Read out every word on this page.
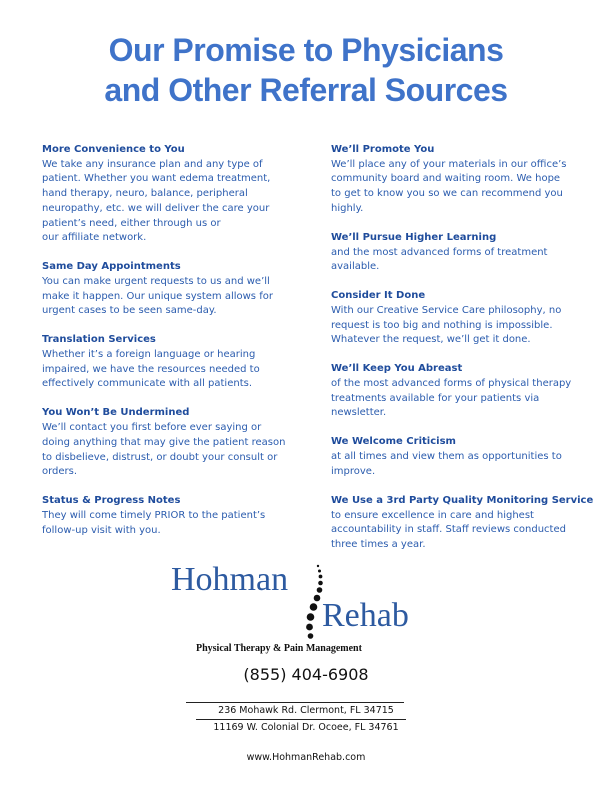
Our Promise to Physicians
and Other Referral Sources
More Convenience to You
We take any insurance plan and any type of
patient. Whether you want edema treatment,
hand therapy, neuro, balance, peripheral
neuropathy, etc. we will deliver the care your
patient’s need, either through us or
our affiliate network.
Same Day Appointments
You can make urgent requests to us and we’ll
make it happen. Our unique system allows for
urgent cases to be seen same-day.
Translation Services
Whether it’s a foreign language or hearing
impaired, we have the resources needed to
effectively communicate with all patients.
You Won’t Be Undermined
We’ll contact you first before ever saying or
doing anything that may give the patient reason
to disbelieve, distrust, or doubt your consult or
orders.
Status & Progress Notes
They will come timely PRIOR to the patient’s
follow-up visit with you.
We’ll Promote You
We’ll place any of your materials in our office’s
community board and waiting room. We hope
to get to know you so we can recommend you
highly.
We’ll Pursue Higher Learning
and the most advanced forms of treatment
available.
Consider It Done
With our Creative Service Care philosophy, no
request is too big and nothing is impossible.
Whatever the request, we’ll get it done.
We’ll Keep You Abreast
of the most advanced forms of physical therapy
treatments available for your patients via
newsletter.
We Welcome Criticism
at all times and view them as opportunities to
improve.
We Use a 3rd Party Quality Monitoring Service
to ensure excellence in care and highest
accountability in staff. Staff reviews conducted
three times a year.
Hohman
Rehab
Physical Therapy & Pain Management
(855) 404-6908
236 Mohawk Rd. Clermont, FL 34715
11169 W. Colonial Dr. Ocoee, FL 34761
www.HohmanRehab.com
